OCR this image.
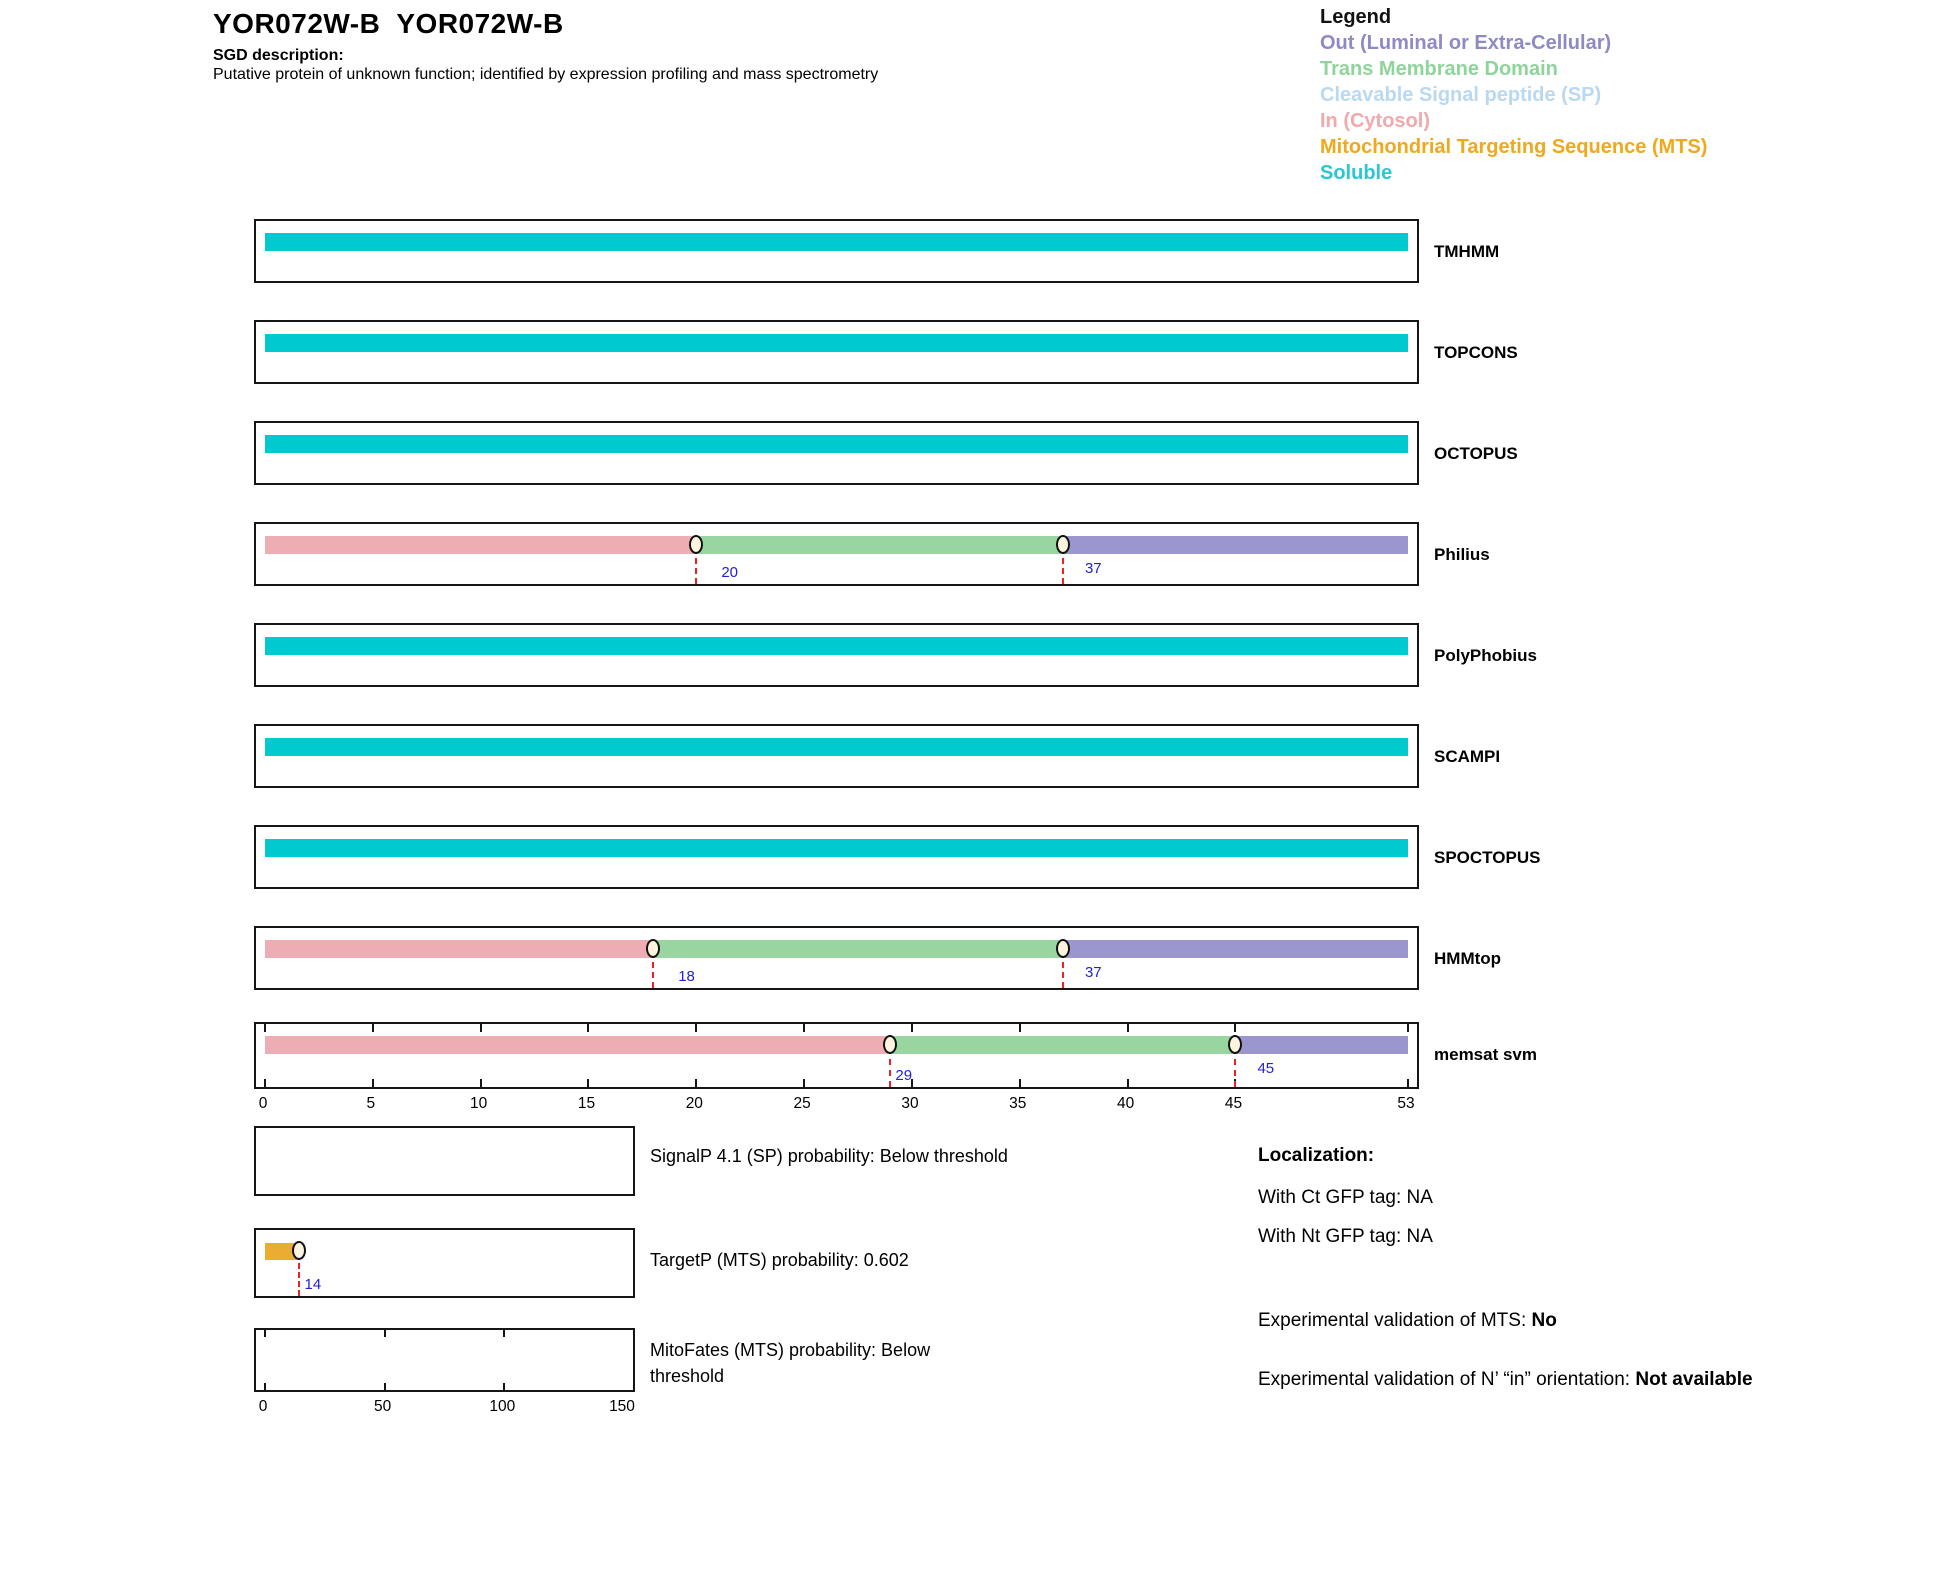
YOR072W-B  YOR072W-B
SGD description:
Putative protein of unknown function; identified by expression profiling and mass spectrometry
Legend
Out (Luminal or Extra-Cellular)
Trans Membrane Domain
Cleavable Signal peptide (SP)
In (Cytosol)
Mitochondrial Targeting Sequence (MTS)
Soluble
TMHMM
TOPCONS
OCTOPUS
20	37
Philius
PolyPhobius
SCAMPI
SPOCTOPUS
18	37
HMMtop
29	45
memsat svm
0	5	10	15	20	25	30	35	40	45	53
14
0	50	100	150
SignalP 4.1 (SP) probability: Below threshold
TargetP (MTS) probability: 0.602
MitoFates (MTS) probability: Below threshold
Localization:
With Ct GFP tag: NA
With Nt GFP tag: NA
Experimental validation of MTS: No
Experimental validation of N’ “in” orientation: Not available
